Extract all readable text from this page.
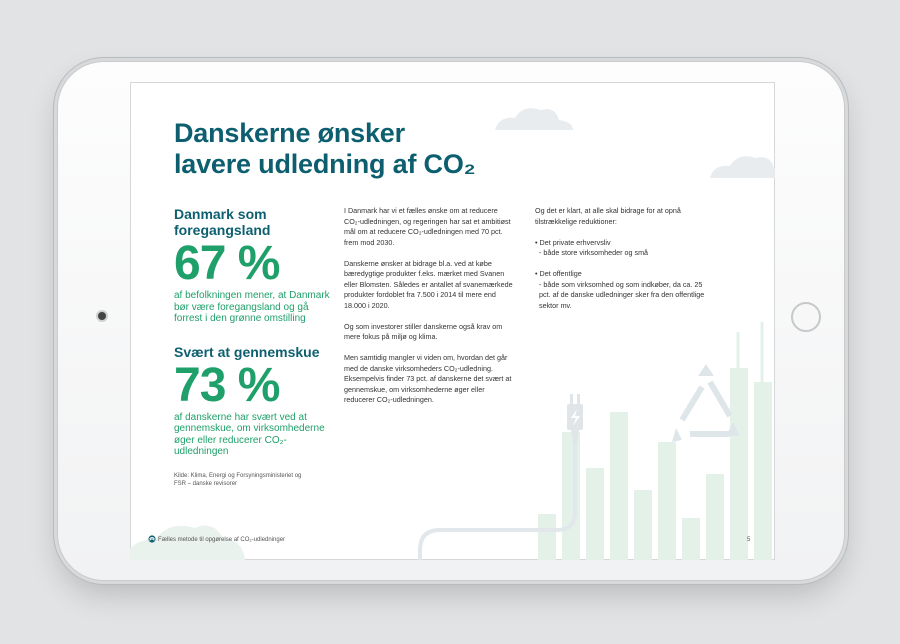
Danskerne ønsker
lavere udledning af CO₂
Danmark som foregangsland
67 %
af befolkningen mener, at Danmark bør være foregangsland og gå forrest i den grønne omstilling
Svært at gennemskue
73 %
af danskerne har svært ved at gennemskue, om virksomhederne øger eller reducerer CO₂-udledningen
Kilde: Klima, Energi og Forsyningsministeriet og FSR – danske revisorer

I Danmark har vi et fælles ønske om at reducere CO₂-udledningen, og regeringen har sat et ambitiøst mål om at reducere CO₂-udledningen med 70 pct. frem mod 2030.

Danskerne ønsker at bidrage bl.a. ved at købe bæredygtige produkter f.eks. mærket med Svanen eller Blomsten. Således er antallet af svanemærkede produkter fordoblet fra 7.500 i 2014 til mere end 18.000 i 2020.

Og som investorer stiller danskerne også krav om mere fokus på miljø og klima.

Men samtidig mangler vi viden om, hvordan det går med de danske virksomheders CO₂-udledning. Eksempelvis finder 73 pct. af danskerne det svært at gennemskue, om virksomhederne øger eller reducerer CO₂-udledningen.

Og det er klart, at alle skal bidrage for at opnå tilstrækkelige reduktioner:

• Det private erhvervsliv
- både store virksomheder og små
• Det offentlige
- både som virksomhed og som indkøber, da ca. 25 pct. af de danske udledninger sker fra den offentlige sektor mv.
Fælles metode til opgørelse af CO₂-udledninger	5
